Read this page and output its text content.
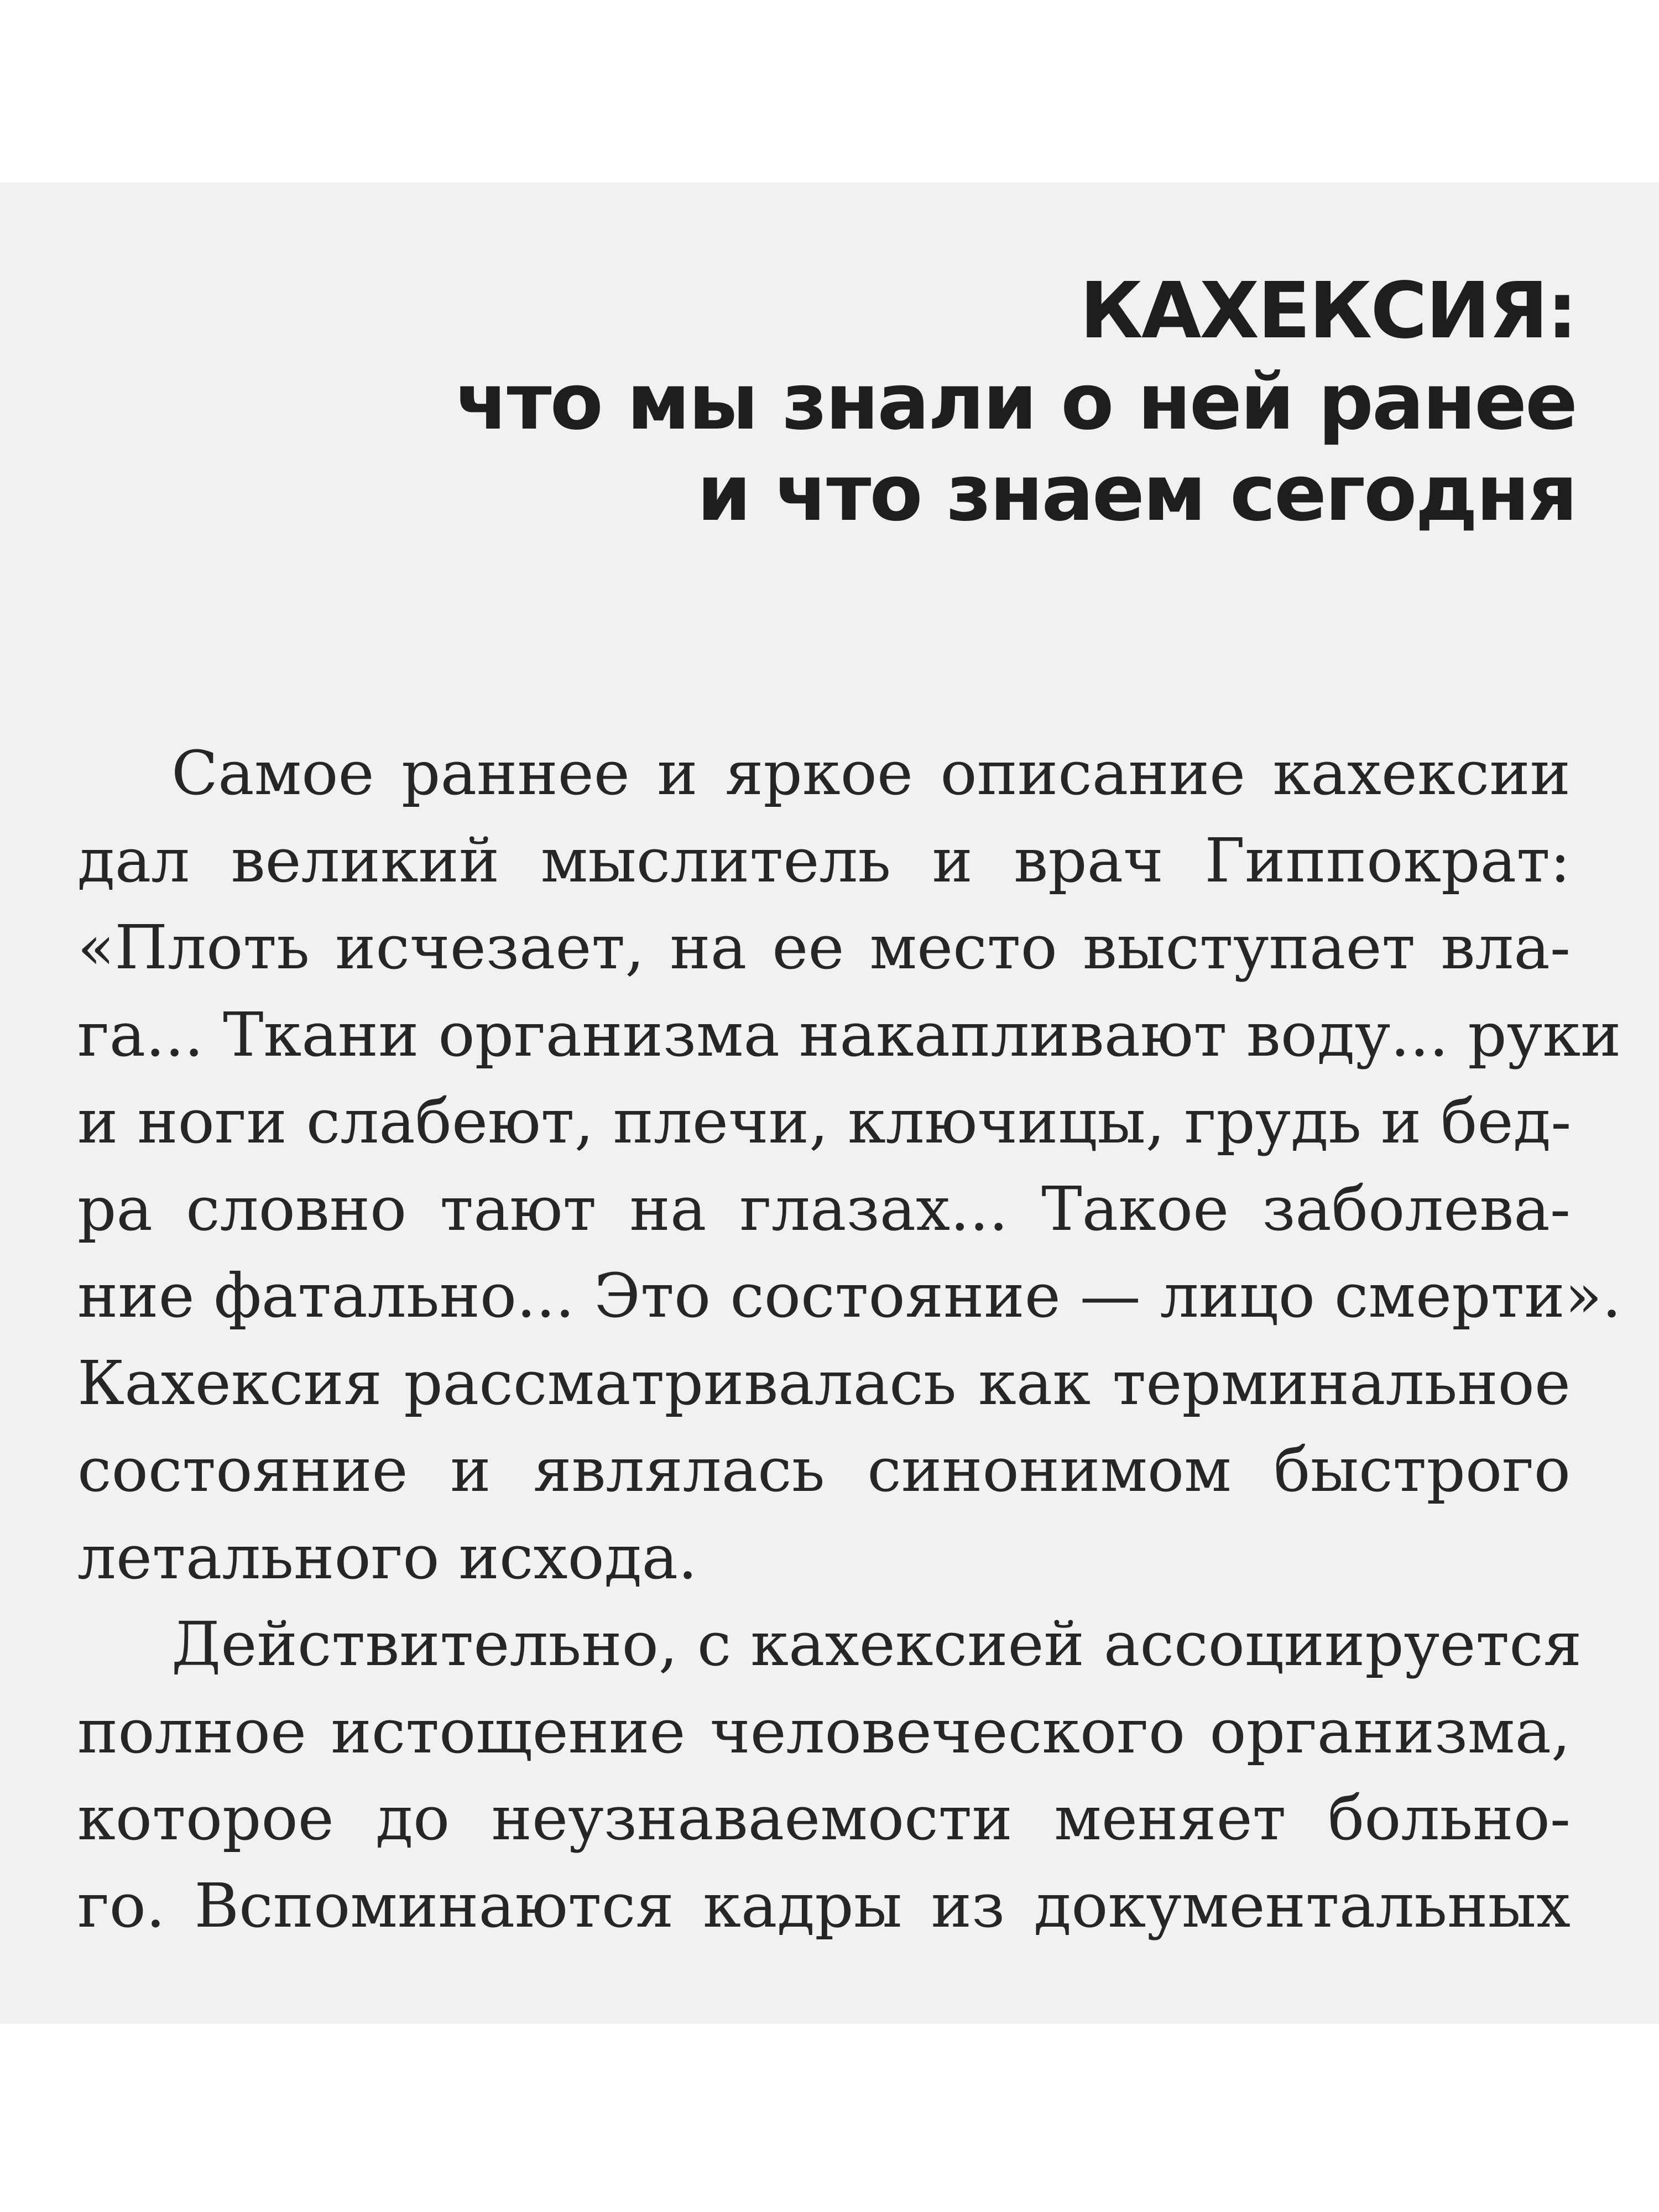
КАХЕКСИЯ:
что мы знали о ней ранее
и что знаем сегодня
Самое раннее и яркое описание кахексии
дал великий мыслитель и врач Гиппократ:
«Плоть исчезает, на ее место выступает вла-
га... Ткани организма накапливают воду... руки
и ноги слабеют, плечи, ключицы, грудь и бед-
ра словно тают на глазах... Такое заболева-
ние фатально... Это состояние — лицо смерти».
Кахексия рассматривалась как терминальное
состояние и являлась синонимом быстрого
летального исхода.
Действительно, с кахексией ассоциируется
полное истощение человеческого организма,
которое до неузнаваемости меняет больно-
го. Вспоминаются кадры из документальных
